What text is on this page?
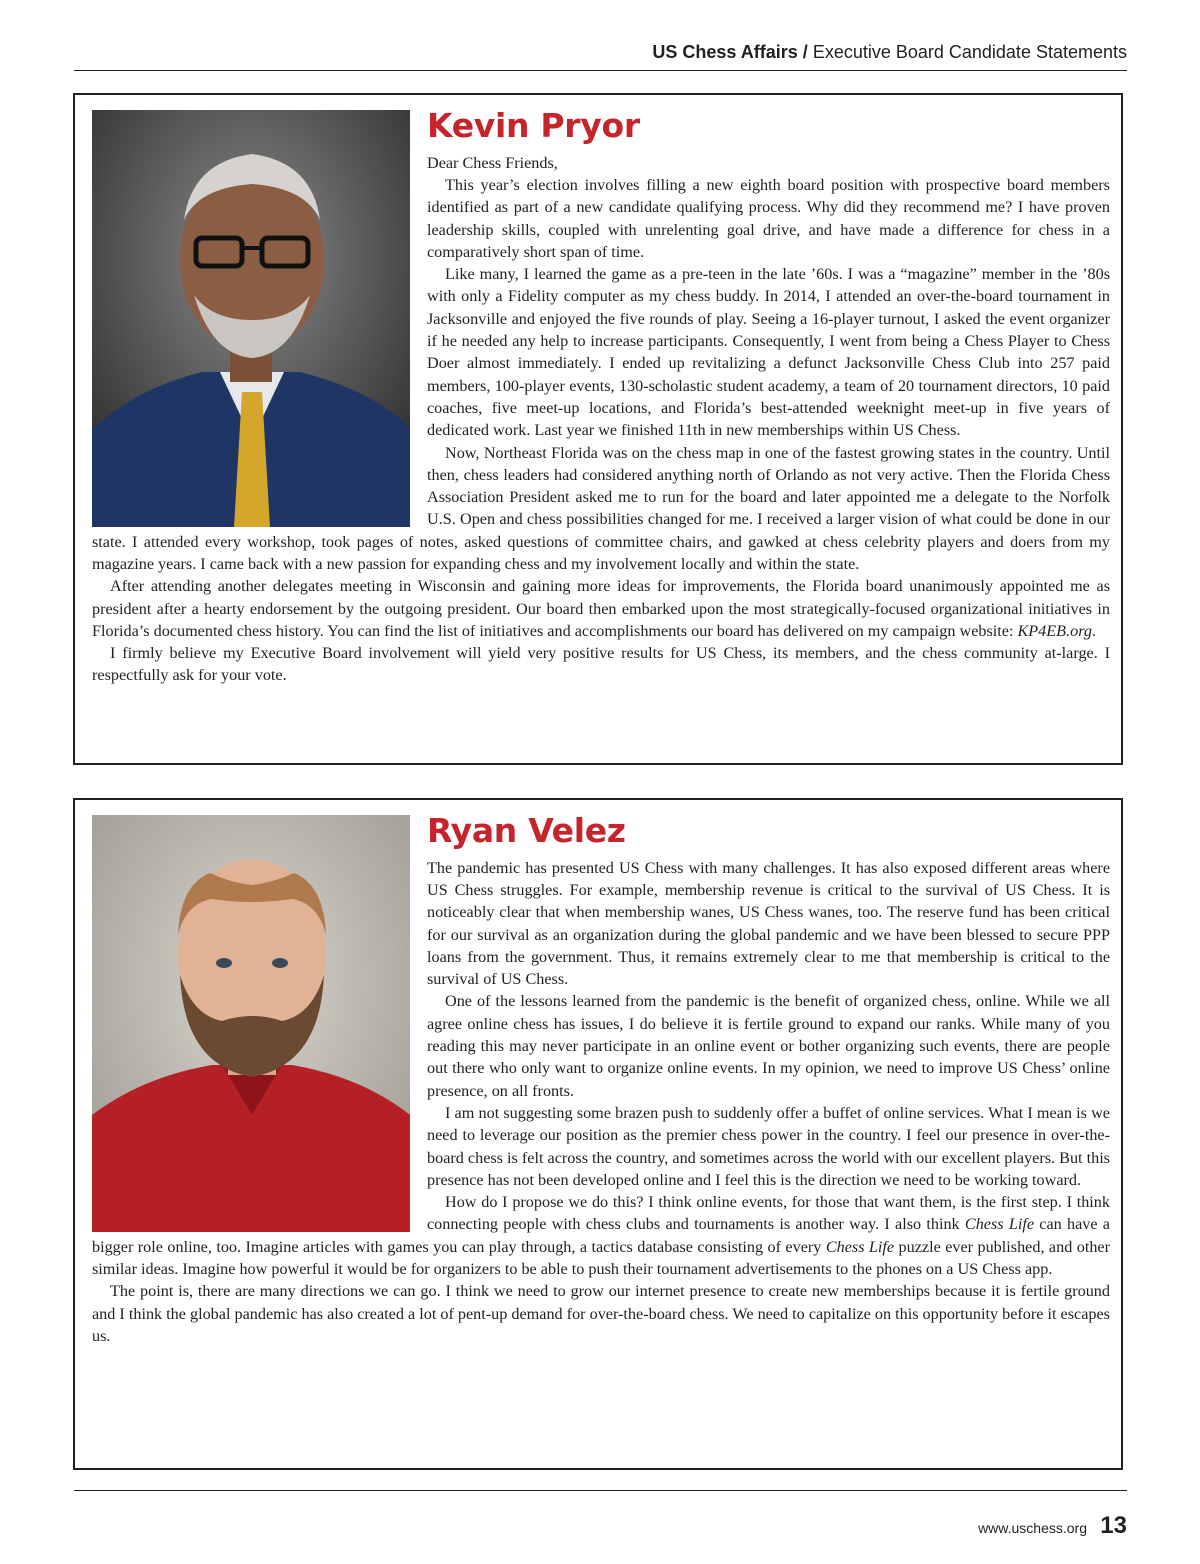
US Chess Affairs / Executive Board Candidate Statements
Kevin Pryor

Dear Chess Friends,

This year’s election involves filling a new eighth board position with prospective board members identified as part of a new candidate qualifying process. Why did they recommend me? I have proven leadership skills, coupled with unrelenting goal drive, and have made a difference for chess in a comparatively short span of time.

Like many, I learned the game as a pre-teen in the late ’60s. I was a “magazine” member in the ’80s with only a Fidelity computer as my chess buddy. In 2014, I attended an over-the-board tournament in Jacksonville and enjoyed the five rounds of play. Seeing a 16-player turnout, I asked the event organizer if he needed any help to increase participants. Consequently, I went from being a Chess Player to Chess Doer almost immediately. I ended up revitalizing a defunct Jacksonville Chess Club into 257 paid members, 100-player events, 130-scholastic student academy, a team of 20 tournament directors, 10 paid coaches, five meet-up locations, and Florida’s best-attended weeknight meet-up in five years of dedicated work. Last year we finished 11th in new memberships within US Chess.

Now, Northeast Florida was on the chess map in one of the fastest growing states in the country. Until then, chess leaders had considered anything north of Orlando as not very active. Then the Florida Chess Association President asked me to run for the board and later appointed me a delegate to the Norfolk U.S. Open and chess possibilities changed for me. I received a larger vision of what could be done in our state. I attended every workshop, took pages of notes, asked questions of committee chairs, and gawked at chess celebrity players and doers from my magazine years. I came back with a new passion for expanding chess and my involvement locally and within the state.

After attending another delegates meeting in Wisconsin and gaining more ideas for improvements, the Florida board unanimously appointed me as president after a hearty endorsement by the outgoing president. Our board then embarked upon the most strategically-focused organizational initiatives in Florida’s documented chess history. You can find the list of initiatives and accomplishments our board has delivered on my campaign website: KP4EB.org.

I firmly believe my Executive Board involvement will yield very positive results for US Chess, its members, and the chess community at-large. I respectfully ask for your vote.

Ryan Velez

The pandemic has presented US Chess with many challenges. It has also exposed different areas where US Chess struggles. For example, membership revenue is critical to the survival of US Chess. It is noticeably clear that when membership wanes, US Chess wanes, too. The reserve fund has been critical for our survival as an organization during the global pandemic and we have been blessed to secure PPP loans from the government. Thus, it remains extremely clear to me that membership is critical to the survival of US Chess.

One of the lessons learned from the pandemic is the benefit of organized chess, online. While we all agree online chess has issues, I do believe it is fertile ground to expand our ranks. While many of you reading this may never participate in an online event or bother organizing such events, there are people out there who only want to organize online events. In my opinion, we need to improve US Chess’ online presence, on all fronts.

I am not suggesting some brazen push to suddenly offer a buffet of online services. What I mean is we need to leverage our position as the premier chess power in the country. I feel our presence in over-the-board chess is felt across the country, and sometimes across the world with our excellent players. But this presence has not been developed online and I feel this is the direction we need to be working toward.

How do I propose we do this? I think online events, for those that want them, is the first step. I think connecting people with chess clubs and tournaments is another way. I also think Chess Life can have a bigger role online, too. Imagine articles with games you can play through, a tactics database consisting of every Chess Life puzzle ever published, and other similar ideas. Imagine how powerful it would be for organizers to be able to push their tournament advertisements to the phones on a US Chess app.

The point is, there are many directions we can go. I think we need to grow our internet presence to create new memberships because it is fertile ground and I think the global pandemic has also created a lot of pent-up demand for over-the-board chess. We need to capitalize on this opportunity before it escapes us.

www.uschess.org 13
